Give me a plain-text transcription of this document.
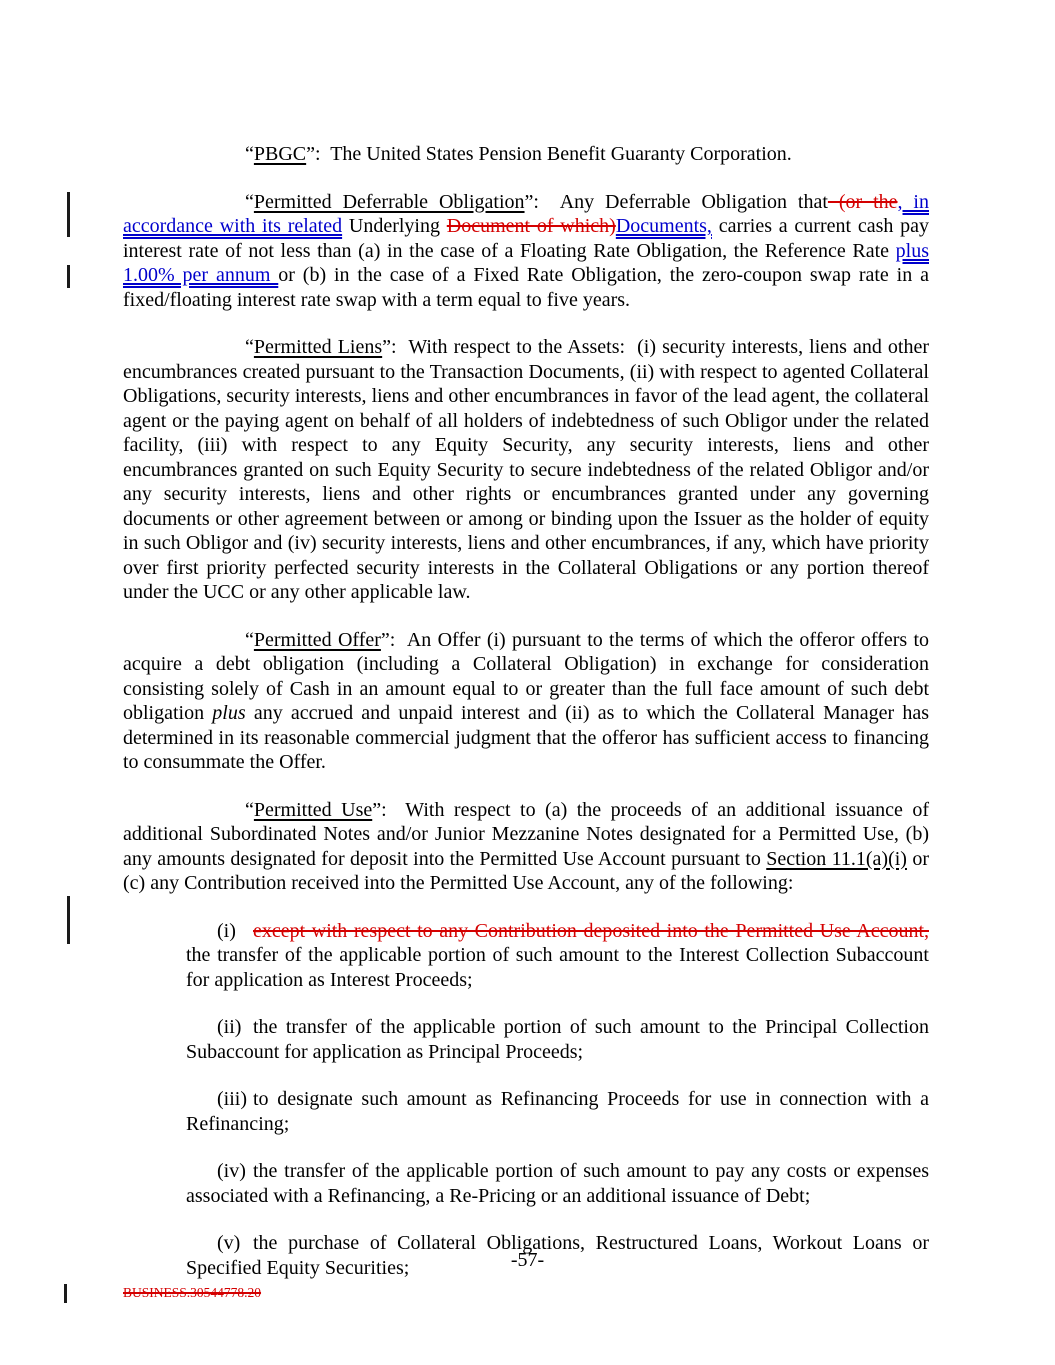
“PBGC”:  The United States Pension Benefit Guaranty Corporation.

“Permitted Deferrable Obligation”:  Any Deferrable Obligation that (or the, in accordance with its related Underlying Document of which)Documents, carries a current cash pay interest rate of not less than (a) in the case of a Floating Rate Obligation, the Reference Rate plus 1.00% per annum or (b) in the case of a Fixed Rate Obligation, the zero-coupon swap rate in a fixed/floating interest rate swap with a term equal to five years.

“Permitted Liens”:  With respect to the Assets:  (i) security interests, liens and other encumbrances created pursuant to the Transaction Documents, (ii) with respect to agented Collateral Obligations, security interests, liens and other encumbrances in favor of the lead agent, the collateral agent or the paying agent on behalf of all holders of indebtedness of such Obligor under the related facility, (iii) with respect to any Equity Security, any security interests, liens and other encumbrances granted on such Equity Security to secure indebtedness of the related Obligor and/or any security interests, liens and other rights or encumbrances granted under any governing documents or other agreement between or among or binding upon the Issuer as the holder of equity in such Obligor and (iv) security interests, liens and other encumbrances, if any, which have priority over first priority perfected security interests in the Collateral Obligations or any portion thereof under the UCC or any other applicable law.

“Permitted Offer”:  An Offer (i) pursuant to the terms of which the offeror offers to acquire a debt obligation (including a Collateral Obligation) in exchange for consideration consisting solely of Cash in an amount equal to or greater than the full face amount of such debt obligation plus any accrued and unpaid interest and (ii) as to which the Collateral Manager has determined in its reasonable commercial judgment that the offeror has sufficient access to financing to consummate the Offer.

“Permitted Use”:  With respect to (a) the proceeds of an additional issuance of additional Subordinated Notes and/or Junior Mezzanine Notes designated for a Permitted Use, (b) any amounts designated for deposit into the Permitted Use Account pursuant to Section 11.1(a)(i) or (c) any Contribution received into the Permitted Use Account, any of the following:

(i) except with respect to any Contribution deposited into the Permitted Use Account, the transfer of the applicable portion of such amount to the Interest Collection Subaccount for application as Interest Proceeds;

(ii) the transfer of the applicable portion of such amount to the Principal Collection Subaccount for application as Principal Proceeds;

(iii) to designate such amount as Refinancing Proceeds for use in connection with a Refinancing;

(iv) the transfer of the applicable portion of such amount to pay any costs or expenses associated with a Refinancing, a Re-Pricing or an additional issuance of Debt;

(v) the purchase of Collateral Obligations, Restructured Loans, Workout Loans or Specified Equity Securities;	-57-
BUSINESS.30544778.20
